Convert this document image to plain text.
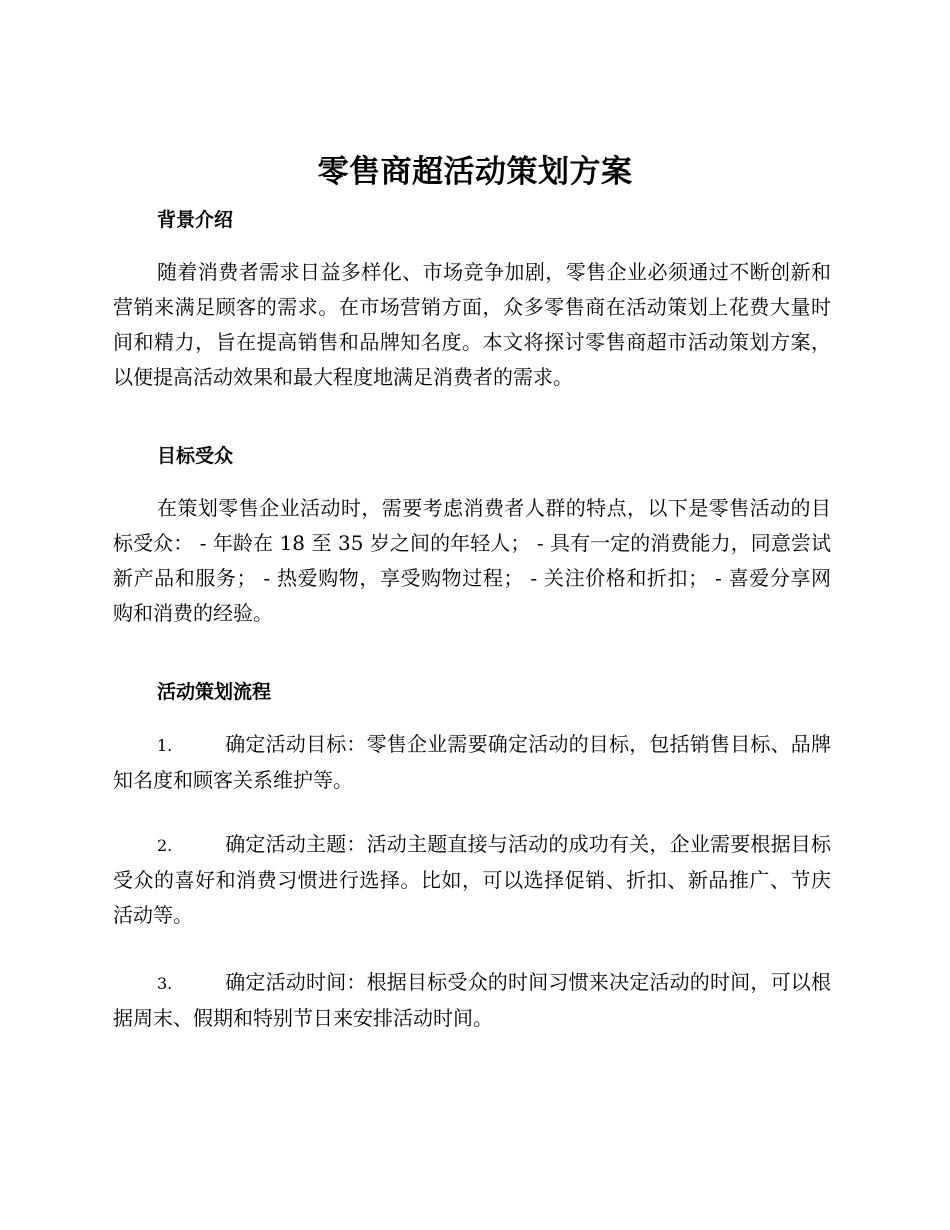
零售商超活动策划方案
背景介绍

随着消费者需求日益多样化、市场竞争加剧，零售企业必须通过不断创新和营销来满足顾客的需求。在市场营销方面，众多零售商在活动策划上花费大量时间和精力，旨在提高销售和品牌知名度。本文将探讨零售商超市活动策划方案，以便提高活动效果和最大程度地满足消费者的需求。

目标受众

在策划零售企业活动时，需要考虑消费者人群的特点，以下是零售活动的目标受众： - 年龄在 18 至 35 岁之间的年轻人； - 具有一定的消费能力，同意尝试新产品和服务； - 热爱购物，享受购物过程； - 关注价格和折扣； - 喜爱分享网购和消费的经验。

活动策划流程

1.	确定活动目标：零售企业需要确定活动的目标，包括销售目标、品牌知名度和顾客关系维护等。

2.	确定活动主题：活动主题直接与活动的成功有关，企业需要根据目标受众的喜好和消费习惯进行选择。比如，可以选择促销、折扣、新品推广、节庆活动等。

3.	确定活动时间：根据目标受众的时间习惯来决定活动的时间，可以根据周末、假期和特别节日来安排活动时间。
